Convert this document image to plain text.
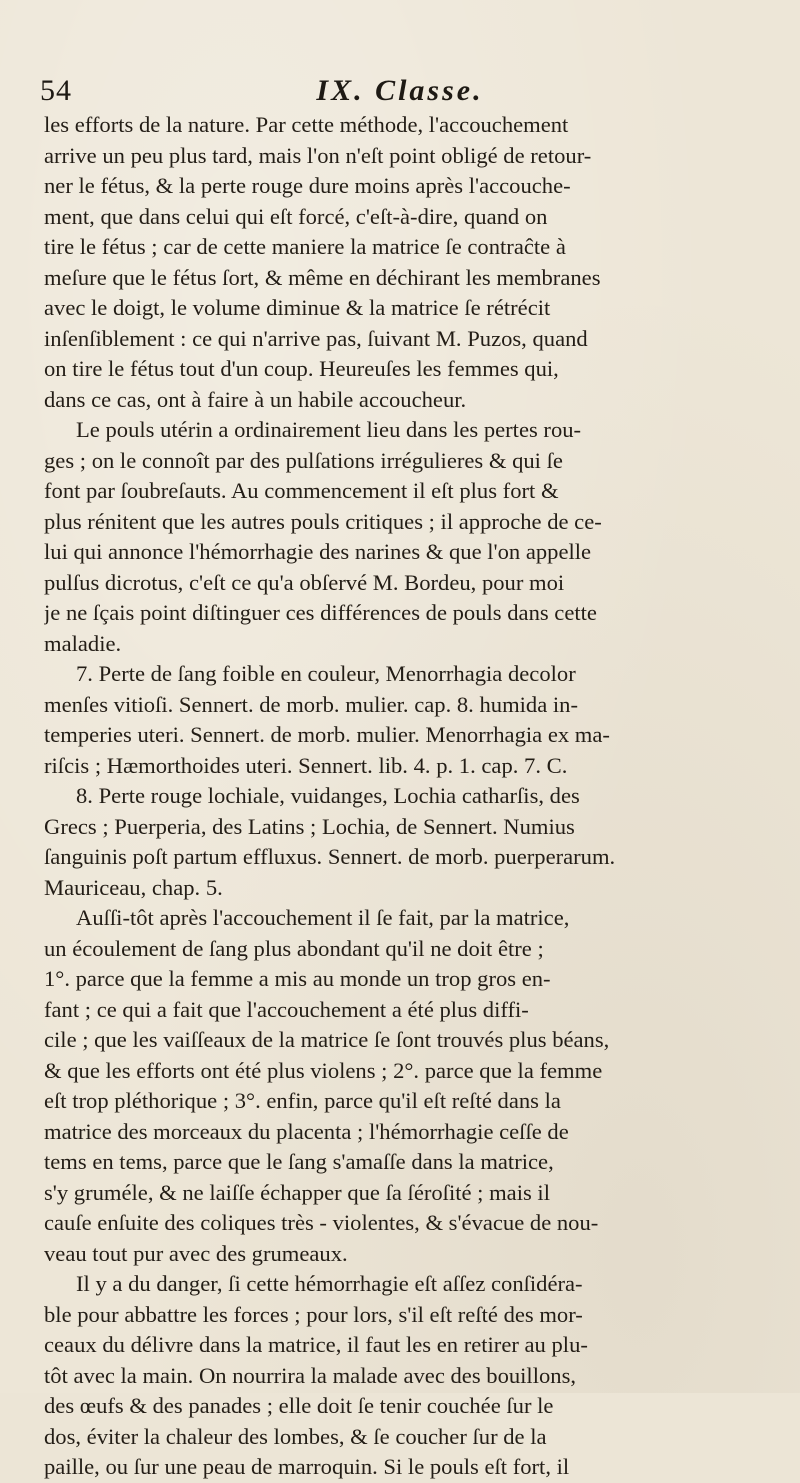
54	IX. Classe.
les efforts de la nature. Par cette méthode, l'accouchement
arrive un peu plus tard, mais l'on n'eſt point obligé de retour-
ner le fétus, & la perte rouge dure moins après l'accouche-
ment, que dans celui qui eſt forcé, c'eſt-à-dire, quand on
tire le fétus ; car de cette maniere la matrice ſe contraĉte à
meſure que le fétus ſort, & même en déchirant les membranes
avec le doigt, le volume diminue & la matrice ſe rétrécit
inſenſiblement : ce qui n'arrive pas, ſuivant M. Puzos, quand
on tire le fétus tout d'un coup. Heureuſes les femmes qui,
dans ce cas, ont à faire à un habile accoucheur.
Le pouls utérin a ordinairement lieu dans les pertes rou-
ges ; on le connoît par des pulſations irrégulieres & qui ſe
font par ſoubreſauts. Au commencement il eſt plus fort &
plus rénitent que les autres pouls critiques ; il approche de ce-
lui qui annonce l'hémorrhagie des narines & que l'on appelle
pulſus dicrotus, c'eſt ce qu'a obſervé M. Bordeu, pour moi
je ne ſçais point diſtinguer ces différences de pouls dans cette
maladie.
7. Perte de ſang foible en couleur, Menorrhagia decolor
menſes vitioſi. Sennert. de morb. mulier. cap. 8. humida in-
temperies uteri. Sennert. de morb. mulier. Menorrhagia ex ma-
riſcis ; Hæmorthoides uteri. Sennert. lib. 4. p. 1. cap. 7. C.
8. Perte rouge lochiale, vuidanges, Lochia catharſis, des
Grecs ; Puerperia, des Latins ; Lochia, de Sennert. Numius
ſanguinis poſt partum effluxus. Sennert. de morb. puerperarum.
Mauriceau, chap. 5.
Auſſi-tôt après l'accouchement il ſe fait, par la matrice,
un écoulement de ſang plus abondant qu'il ne doit être ;
1°. parce que la femme a mis au monde un trop gros en-
fant ; ce qui a fait que l'accouchement a été plus diffi-
cile ; que les vaiſſeaux de la matrice ſe ſont trouvés plus béans,
& que les efforts ont été plus violens ; 2°. parce que la femme
eſt trop pléthorique ; 3°. enfin, parce qu'il eſt reſté dans la
matrice des morceaux du placenta ; l'hémorrhagie ceſſe de
tems en tems, parce que le ſang s'amaſſe dans la matrice,
s'y gruméle, & ne laiſſe échapper que ſa ſéroſité ; mais il
cauſe enſuite des coliques très - violentes, & s'évacue de nou-
veau tout pur avec des grumeaux.
Il y a du danger, ſi cette hémorrhagie eſt aſſez conſidéra-
ble pour abbattre les forces ; pour lors, s'il eſt reſté des mor-
ceaux du délivre dans la matrice, il faut les en retirer au plu-
tôt avec la main. On nourrira la malade avec des bouillons,
des œufs & des panades ; elle doit ſe tenir couchée ſur le
dos, éviter la chaleur des lombes, & ſe coucher ſur de la
paille, ou ſur une peau de marroquin. Si le pouls eſt fort, il
